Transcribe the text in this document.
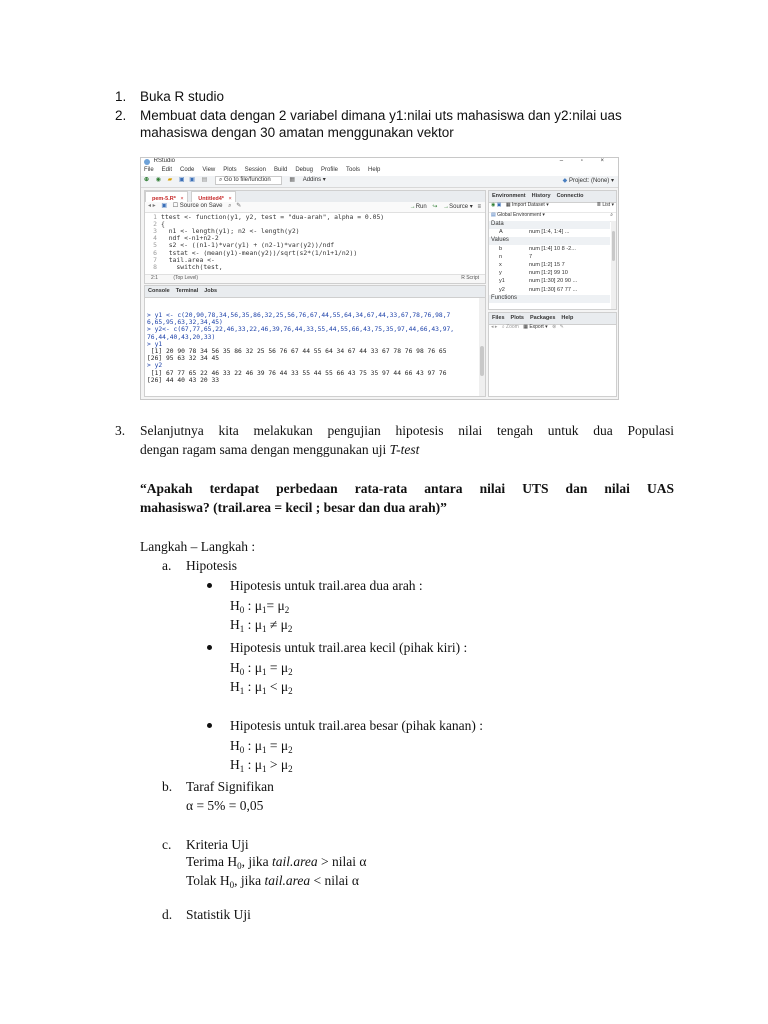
1. Buka R studio
2. Membuat data dengan 2 variabel dimana y1:nilai uts mahasiswa dan y2:nilai uas
mahasiswa dengan 30 amatan menggunakan vektor
RStudio	– ▫ ×
File Edit Code View Plots Session Build Debug Profile Tools Help
⊕ ◉ ▰ ▣ ▣ ▤ ⌕ Go to file/function	▦ Addins ▾	◆ Project: (None) ▾
pem-5.R* ×	Untitled4* ×
◂ ▸ ▣ ☐ Source on Save ⌕ ✎	→Run ↪ →Source ▾ ≡
1 ttest <- function(y1, y2, test = "dua-arah", alpha = 0.05)
2 {
3  n1 <- length(y1); n2 <- length(y2)
4  ndf <-n1+n2-2
5  s2 <- ((n1-1)*var(y1) + (n2-1)*var(y2))/ndf
6  tstat <- (mean(y1)-mean(y2))/sqrt(s2*(1/n1+1/n2))
7  tail.area <-
8    switch(test,
2:1	(Top Level)	R Script
Console Terminal Jobs
> y1 <- c(20,90,78,34,56,35,86,32,25,56,76,67,44,55,64,34,67,44,33,67,78,76,98,7
6,65,95,63,32,34,45)
> y2<- c(67,77,65,22,46,33,22,46,39,76,44,33,55,44,55,66,43,75,35,97,44,66,43,97,
76,44,40,43,20,33)
> y1
[1] 20 90 78 34 56 35 86 32 25 56 76 67 44 55 64 34 67 44 33 67 78 76 98 76 65
[26] 95 63 32 34 45
> y2
[1] 67 77 65 22 46 33 22 46 39 76 44 33 55 44 55 66 43 75 35 97 44 66 43 97 76
[26] 44 40 43 20 33
Environment History Connectio
◉ ▣ ▦ Import Dataset ▾	≣ List ▾
▤ Global Environment ▾	⌕
Data
A	num [1:4, 1:4] ...
Values
b	num [1:4] 10 8 -2...
n	7
x	num [1:2] 15 7
y	num [1:2] 99 10
y1	num [1:30] 20 90 ...
y2	num [1:30] 67 77 ...
Functions
Files Plots Packages Help
◂ ▸ ⌕ Zoom ▦ Export ▾ ⊗ ✎
3. Selanjutnya kita melakukan pengujian hipotesis nilai tengah untuk dua Populasi
dengan ragam sama dengan menggunakan uji T-test
“Apakah terdapat perbedaan rata-rata antara nilai UTS dan nilai UAS
mahasiswa? (trail.area = kecil ; besar dan dua arah)”
Langkah – Langkah :
a. Hipotesis
Hipotesis untuk trail.area dua arah :
$H_0$ : $\mu_1= \mu_2$
$H_1$ : $\mu_1 \ne \mu_2$
Hipotesis untuk trail.area kecil (pihak kiri) :
$H_0$ : $\mu_1 = \mu_2$
$H_1$ : $\mu_1 < \mu_2$
Hipotesis untuk trail.area besar (pihak kanan) :
$H_0$ : $\mu_1 = \mu_2$
$H_1$ : $\mu_1 > \mu_2$
b. Taraf Signifikan
α = 5% = 0,05
c. Kriteria Uji
Terima $H_0$, jika tail.area > nilai α
Tolak $H_0$, jika tail.area < nilai α
d. Statistik Uji
